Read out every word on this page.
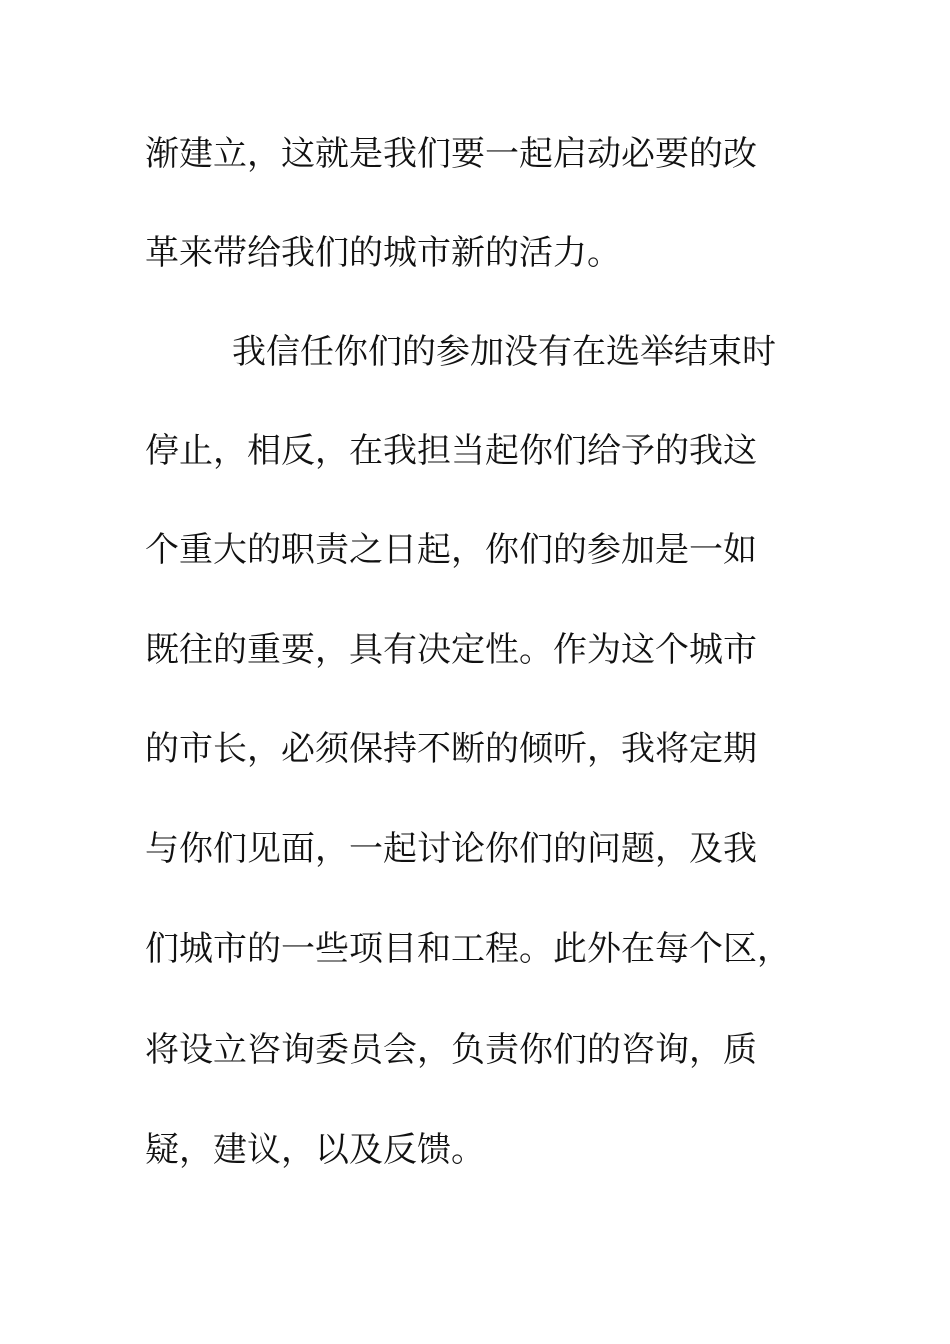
渐建立，这就是我们要一起启动必要的改
革来带给我们的城市新的活力。
我信任你们的参加没有在选举结束时
停止，相反，在我担当起你们给予的我这
个重大的职责之日起，你们的参加是一如
既往的重要，具有决定性。作为这个城市
的市长，必须保持不断的倾听，我将定期
与你们见面，一起讨论你们的问题，及我
们城市的一些项目和工程。此外在每个区，
将设立咨询委员会，负责你们的咨询，质
疑，建议，以及反馈。
